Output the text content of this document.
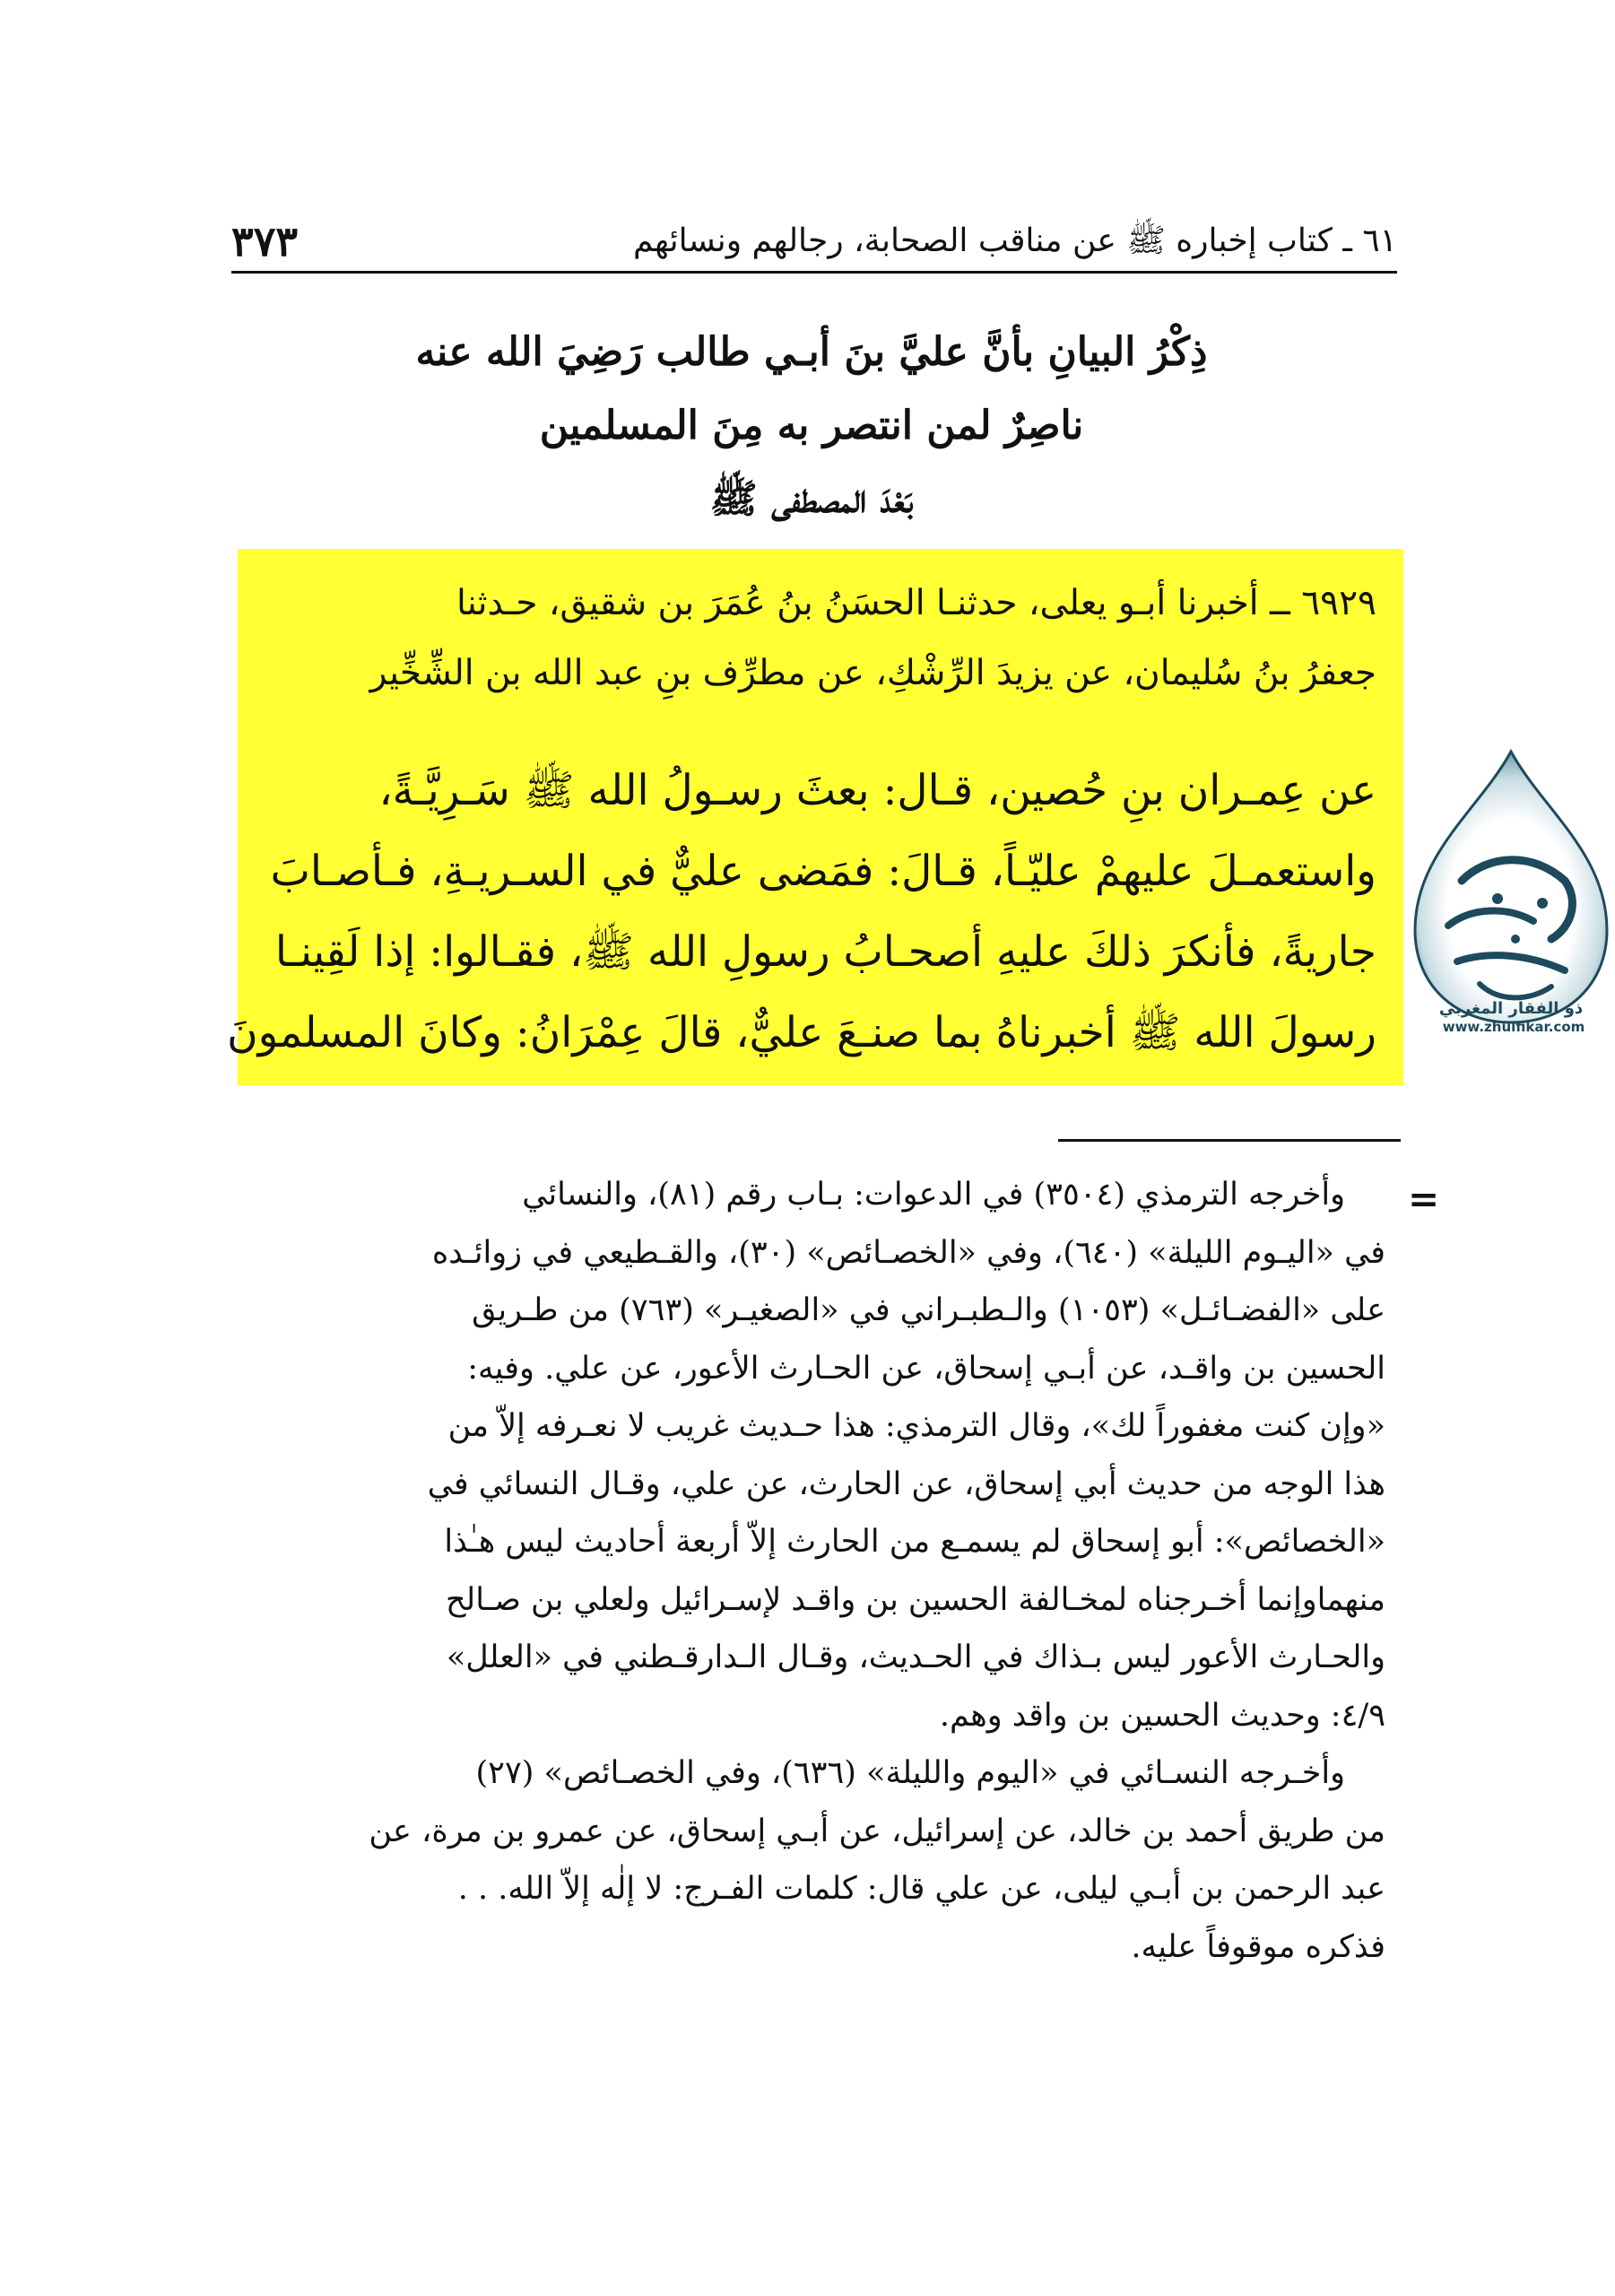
٣٧٣	٦١ ـ كتاب إخباره ﷺ عن مناقب الصحابة، رجالهم ونسائهم
ذِكْرُ البيانِ بأنَّ عليَّ بنَ أبـي طالب رَضِيَ الله عنه
ناصِرٌ لمن انتصر به مِنَ المسلمين
بَعْدَ المصطفى ﷺ
٦٩٢٩ ــ أخبرنا أبـو يعلى، حدثنـا الحسَنُ بنُ عُمَرَ بن شقيق، حـدثنا
جعفرُ بنُ سُليمان، عن يزيدَ الرِّشْكِ، عن مطرِّف بنِ عبد الله بن الشِّخِّير
عن عِمـران بنِ حُصين، قـال: بعثَ رسـولُ الله ﷺ سَـرِيَّـةً،
واستعمـلَ عليهمْ عليّـاً، قـالَ: فمَضى عليٌّ في السـريـةِ، فـأصـابَ
جاريةً، فأنكرَ ذلكَ عليهِ أصحـابُ رسولِ الله ﷺ، فقـالوا: إذا لَقِينـا
رسولَ الله ﷺ أخبرناهُ بما صنـعَ عليٌّ، قالَ عِمْرَانُ: وكانَ المسلمونَ	ذو الفقار المغربي
www.zhulfikar.com
=
وأخرجه الترمذي (٣٥٠٤) في الدعوات: بـاب رقم (٨١)، والنسائي
في «اليـوم الليلة» (٦٤٠)، وفي «الخصـائص» (٣٠)، والقـطيعي في زوائـده
على «الفضـائـل» (١٠٥٣) والـطبـراني في «الصغيـر» (٧٦٣) من طـريق
الحسين بن واقـد، عن أبـي إسحاق، عن الحـارث الأعور، عن علي. وفيه:
«وإن كنت مغفوراً لك»، وقال الترمذي: هذا حـديث غريب لا نعـرفه إلاّ من
هذا الوجه من حديث أبي إسحاق، عن الحارث، عن علي، وقـال النسائي في
«الخصائص»: أبو إسحاق لم يسمـع من الحارث إلاّ أربعة أحاديث ليس هـٰذا
منهماوإنما أخـرجناه لمخـالفة الحسين بن واقـد لإسـرائيل ولعلي بن صـالح
والحـارث الأعور ليس بـذاك في الحـديث، وقـال الـدارقـطني في «العلل»
٤/٩: وحديث الحسين بن واقد وهم.
وأخـرجه النسـائي في «اليوم والليلة» (٦٣٦)، وفي الخصـائص» (٢٧)
من طريق أحمد بن خالد، عن إسرائيل، عن أبـي إسحاق، عن عمرو بن مرة، عن
عبد الرحمن بن أبـي ليلى، عن علي قال: كلمات الفـرج: لا إلٰه إلاّ الله. . .
فذكره موقوفاً عليه.
